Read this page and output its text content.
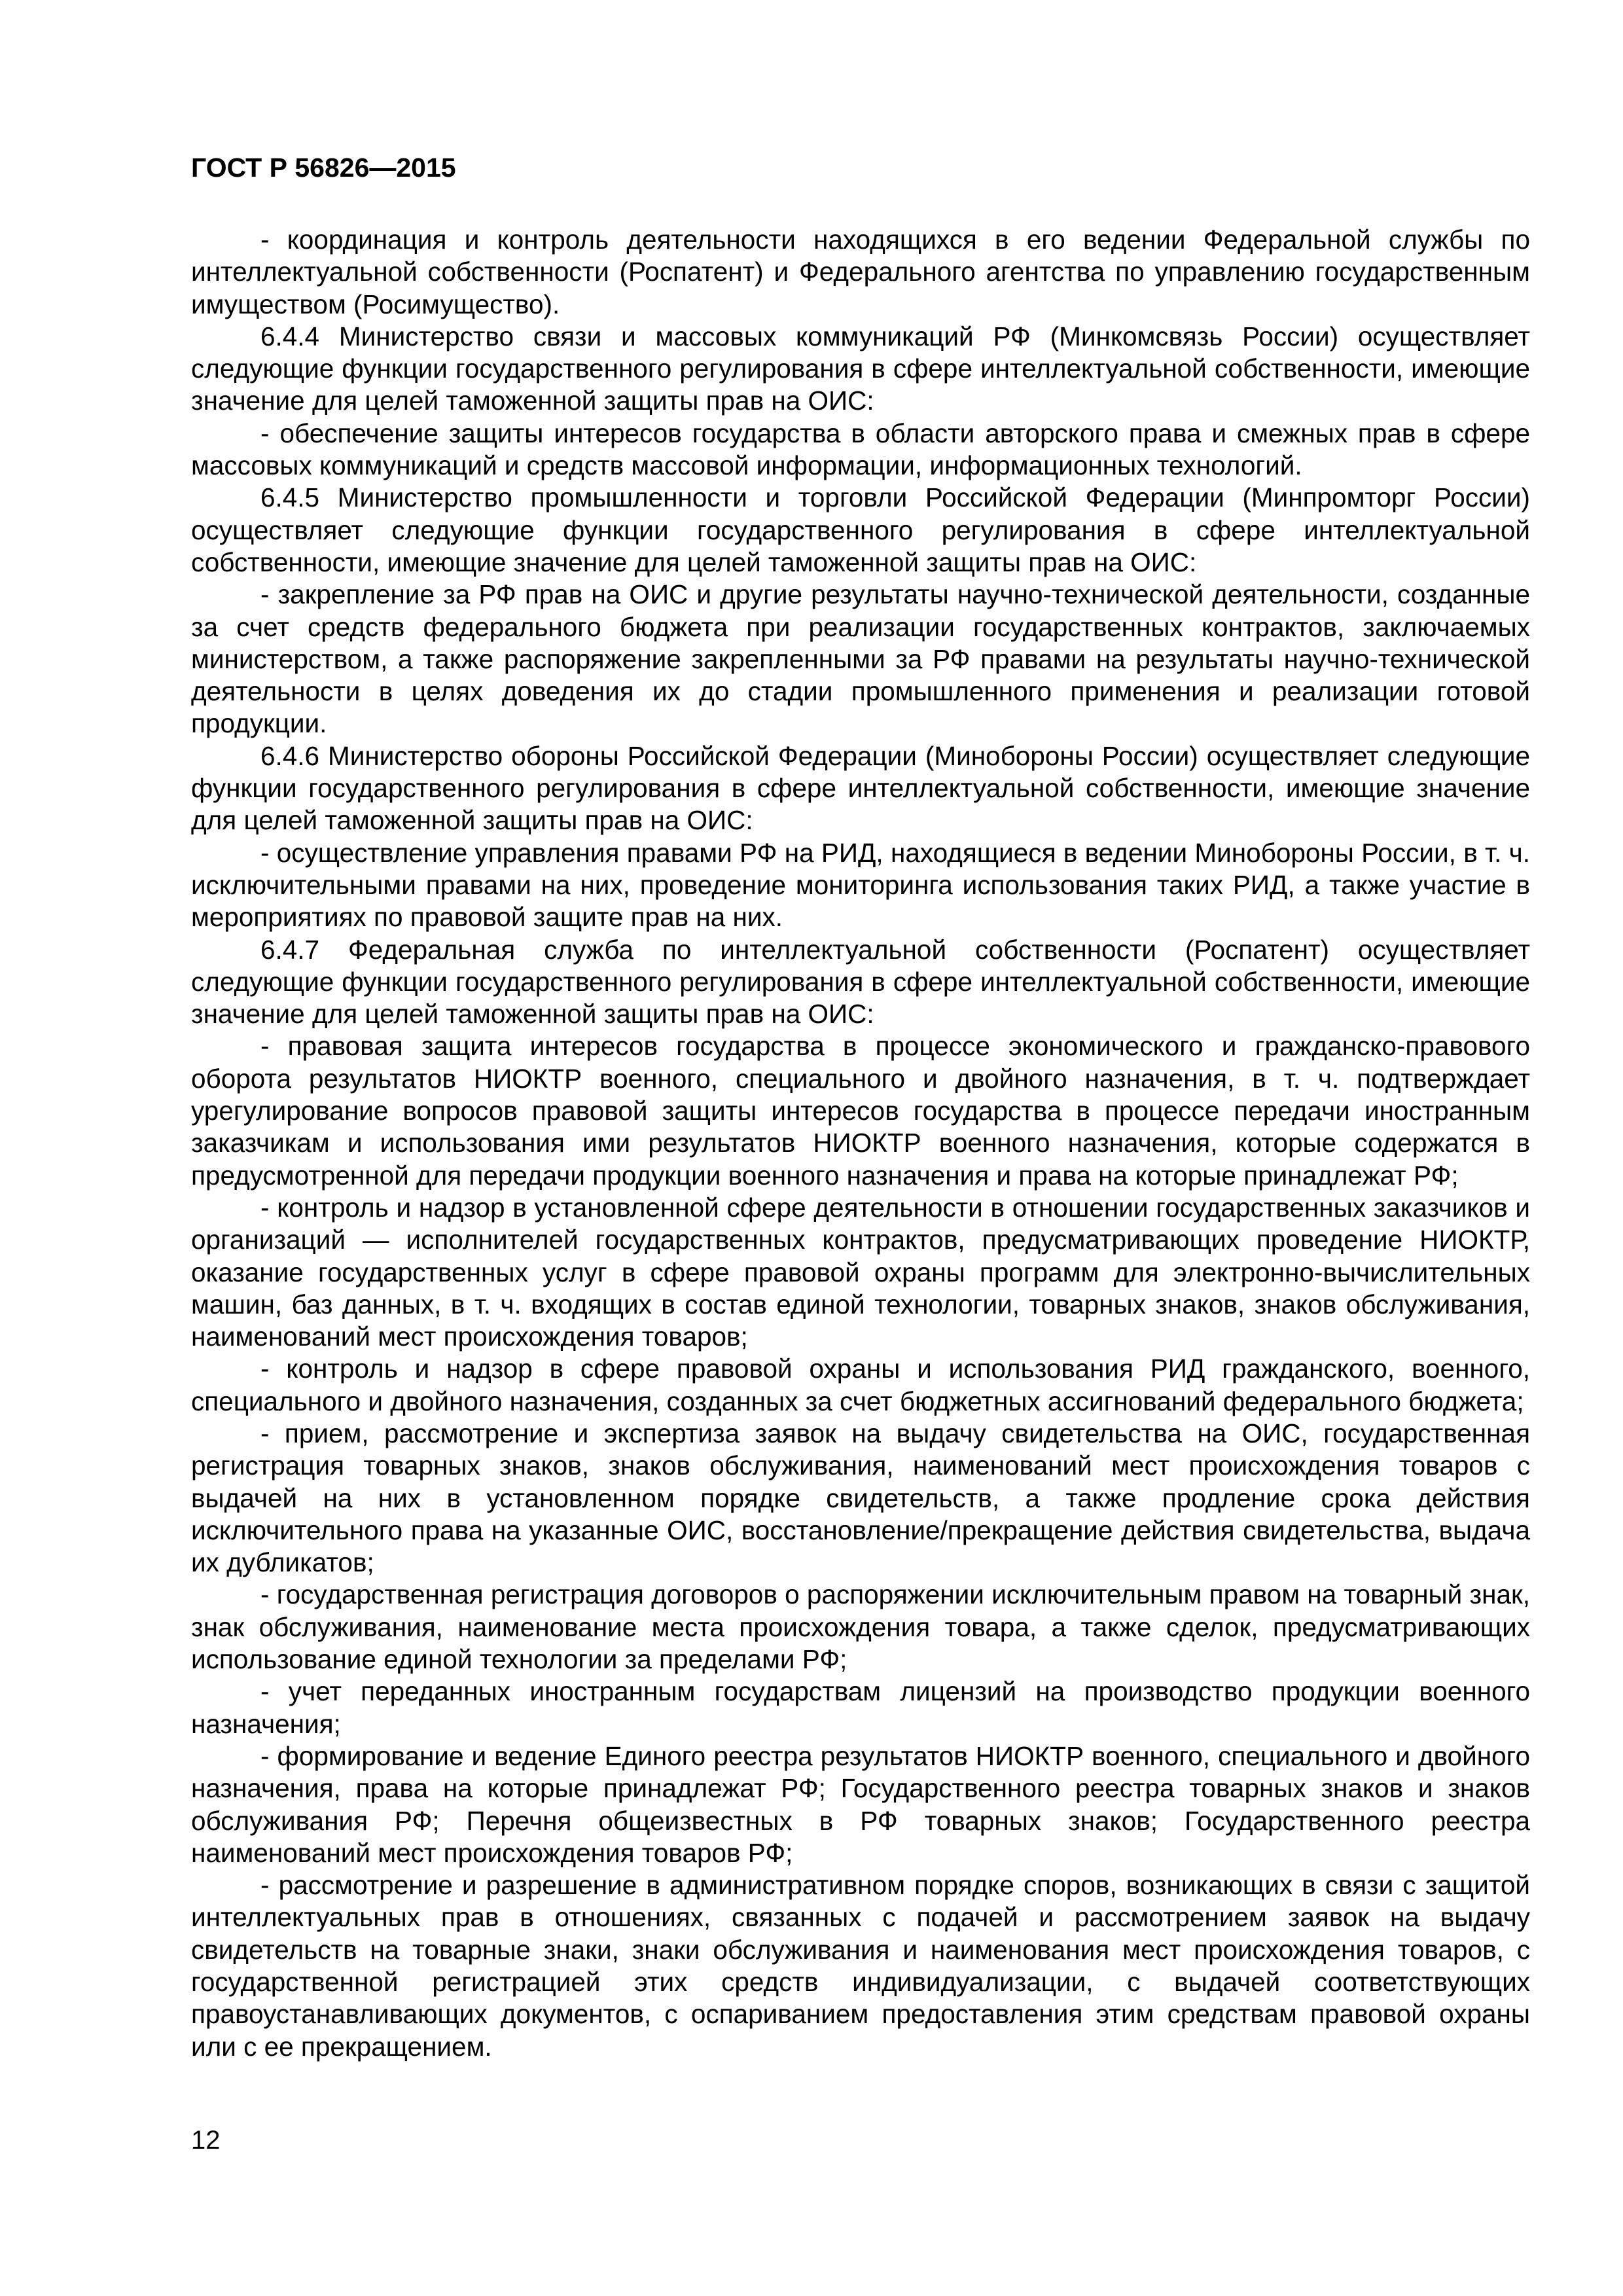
ГОСТ Р 56826—2015

- координация и контроль деятельности находящихся в его ведении Федеральной службы по интеллектуальной собственности (Роспатент) и Федерального агентства по управлению государственным имуществом (Росимущество).

6.4.4 Министерство связи и массовых коммуникаций РФ (Минкомсвязь России) осуществляет следующие функции государственного регулирования в сфере интеллектуальной собственности, имеющие значение для целей таможенной защиты прав на ОИС:

- обеспечение защиты интересов государства в области авторского права и смежных прав в сфере массовых коммуникаций и средств массовой информации, информационных технологий.

6.4.5 Министерство промышленности и торговли Российской Федерации (Минпромторг России) осуществляет следующие функции государственного регулирования в сфере интеллектуальной собственности, имеющие значение для целей таможенной защиты прав на ОИС:

- закрепление за РФ прав на ОИС и другие результаты научно-технической деятельности, созданные за счет средств федерального бюджета при реализации государственных контрактов, заключаемых министерством, а также распоряжение закрепленными за РФ правами на результаты научно-технической деятельности в целях доведения их до стадии промышленного применения и реализации готовой продукции.

6.4.6 Министерство обороны Российской Федерации (Минобороны России) осуществляет следующие функции государственного регулирования в сфере интеллектуальной собственности, имеющие значение для целей таможенной защиты прав на ОИС:

- осуществление управления правами РФ на РИД, находящиеся в ведении Минобороны России, в т. ч. исключительными правами на них, проведение мониторинга использования таких РИД, а также участие в мероприятиях по правовой защите прав на них.

6.4.7 Федеральная служба по интеллектуальной собственности (Роспатент) осуществляет следующие функции государственного регулирования в сфере интеллектуальной собственности, имеющие значение для целей таможенной защиты прав на ОИС:

- правовая защита интересов государства в процессе экономического и гражданско-правового оборота результатов НИОКТР военного, специального и двойного назначения, в т. ч. подтверждает урегулирование вопросов правовой защиты интересов государства в процессе передачи иностранным заказчикам и использования ими результатов НИОКТР военного назначения, которые содержатся в предусмотренной для передачи продукции военного назначения и права на которые принадлежат РФ;

- контроль и надзор в установленной сфере деятельности в отношении государственных заказчиков и организаций — исполнителей государственных контрактов, предусматривающих проведение НИОКТР, оказание государственных услуг в сфере правовой охраны программ для электронно-вычислительных машин, баз данных, в т. ч. входящих в состав единой технологии, товарных знаков, знаков обслуживания, наименований мест происхождения товаров;

- контроль и надзор в сфере правовой охраны и использования РИД гражданского, военного, специального и двойного назначения, созданных за счет бюджетных ассигнований федерального бюджета;

- прием, рассмотрение и экспертиза заявок на выдачу свидетельства на ОИС, государственная регистрация товарных знаков, знаков обслуживания, наименований мест происхождения товаров с выдачей на них в установленном порядке свидетельств, а также продление срока действия исключительного права на указанные ОИС, восстановление/прекращение действия свидетельства, выдача их дубликатов;

- государственная регистрация договоров о распоряжении исключительным правом на товарный знак, знак обслуживания, наименование места происхождения товара, а также сделок, предусматривающих использование единой технологии за пределами РФ;

- учет переданных иностранным государствам лицензий на производство продукции военного назначения;

- формирование и ведение Единого реестра результатов НИОКТР военного, специального и двойного назначения, права на которые принадлежат РФ; Государственного реестра товарных знаков и знаков обслуживания РФ; Перечня общеизвестных в РФ товарных знаков; Государственного реестра наименований мест происхождения товаров РФ;

- рассмотрение и разрешение в административном порядке споров, возникающих в связи с защитой интеллектуальных прав в отношениях, связанных с подачей и рассмотрением заявок на выдачу свидетельств на товарные знаки, знаки обслуживания и наименования мест происхождения товаров, с государственной регистрацией этих средств индивидуализации, с выдачей соответствующих правоустанавливающих документов, с оспариванием предоставления этим средствам правовой охраны или с ее прекращением.

12
